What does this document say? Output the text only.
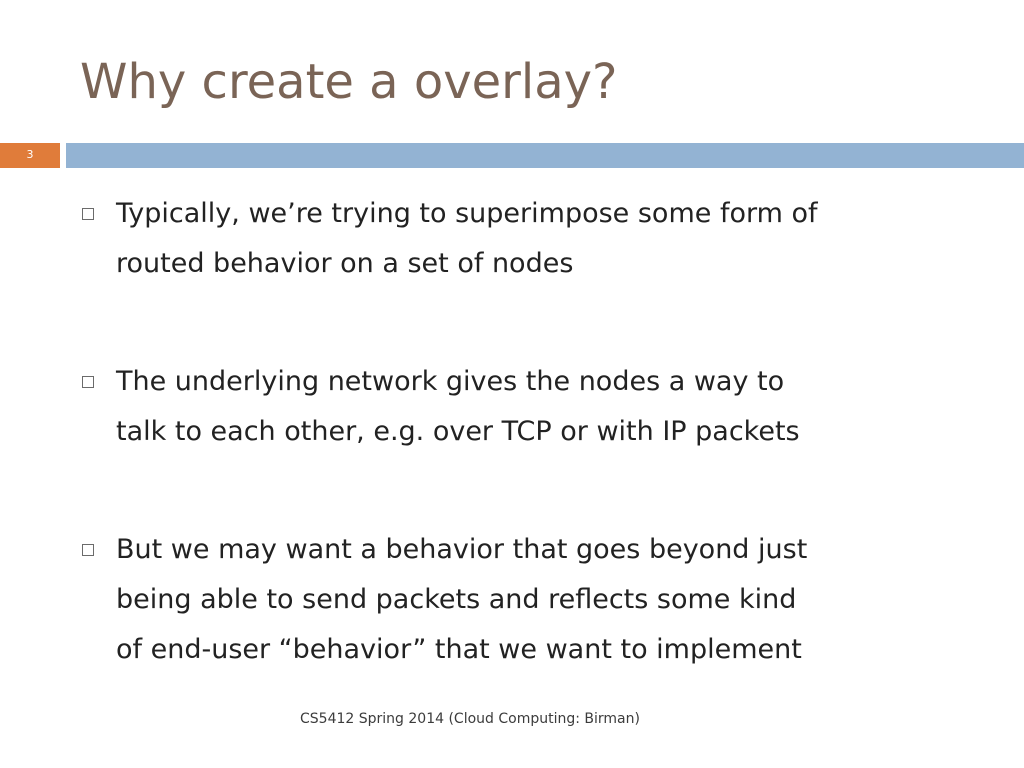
Why create a overlay?
3
Typically, we’re trying to superimpose some form of
routed behavior on a set of nodes
The underlying network gives the nodes a way to
talk to each other, e.g. over TCP or with IP packets
But we may want a behavior that goes beyond just
being able to send packets and reflects some kind
of end-user “behavior” that we want to implement
CS5412 Spring 2014 (Cloud Computing: Birman)
